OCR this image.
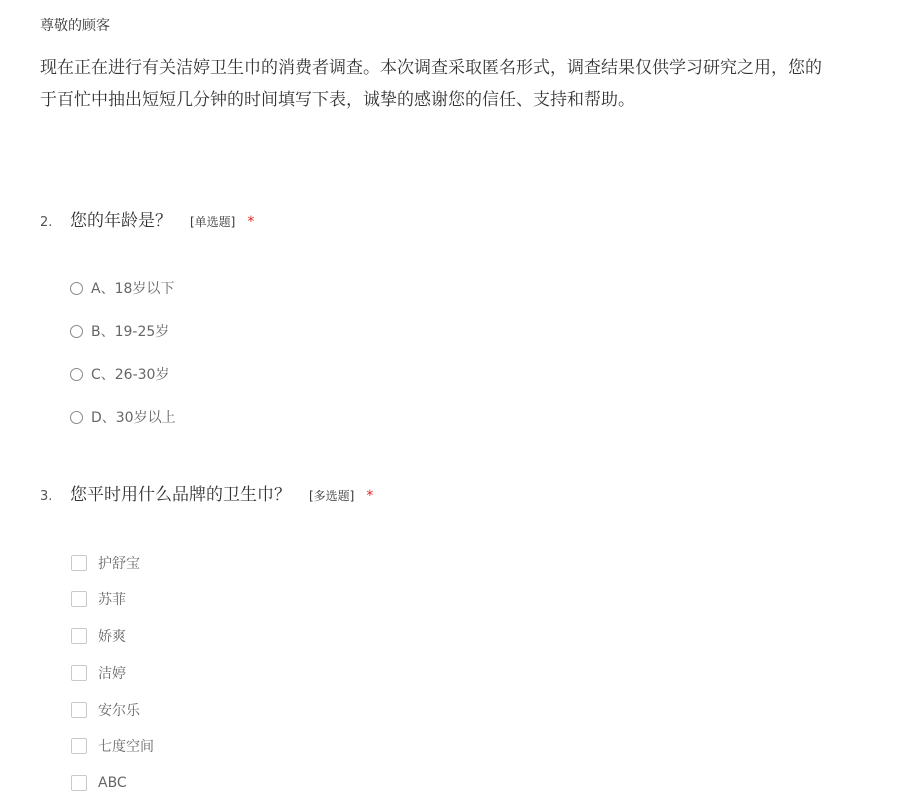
尊敬的顾客
现在正在进行有关洁婷卫生巾的消费者调查。本次调查采取匿名形式，调查结果仅供学习研究之用，您的
于百忙中抽出短短几分钟的时间填写下表，诚挚的感谢您的信任、支持和帮助。
2. 您的年龄是？ [单选题] *
A、18岁以下
B、19-25岁
C、26-30岁
D、30岁以上
3. 您平时用什么品牌的卫生巾？ [多选题] *
护舒宝
苏菲
娇爽
洁婷
安尔乐
七度空间
ABC
